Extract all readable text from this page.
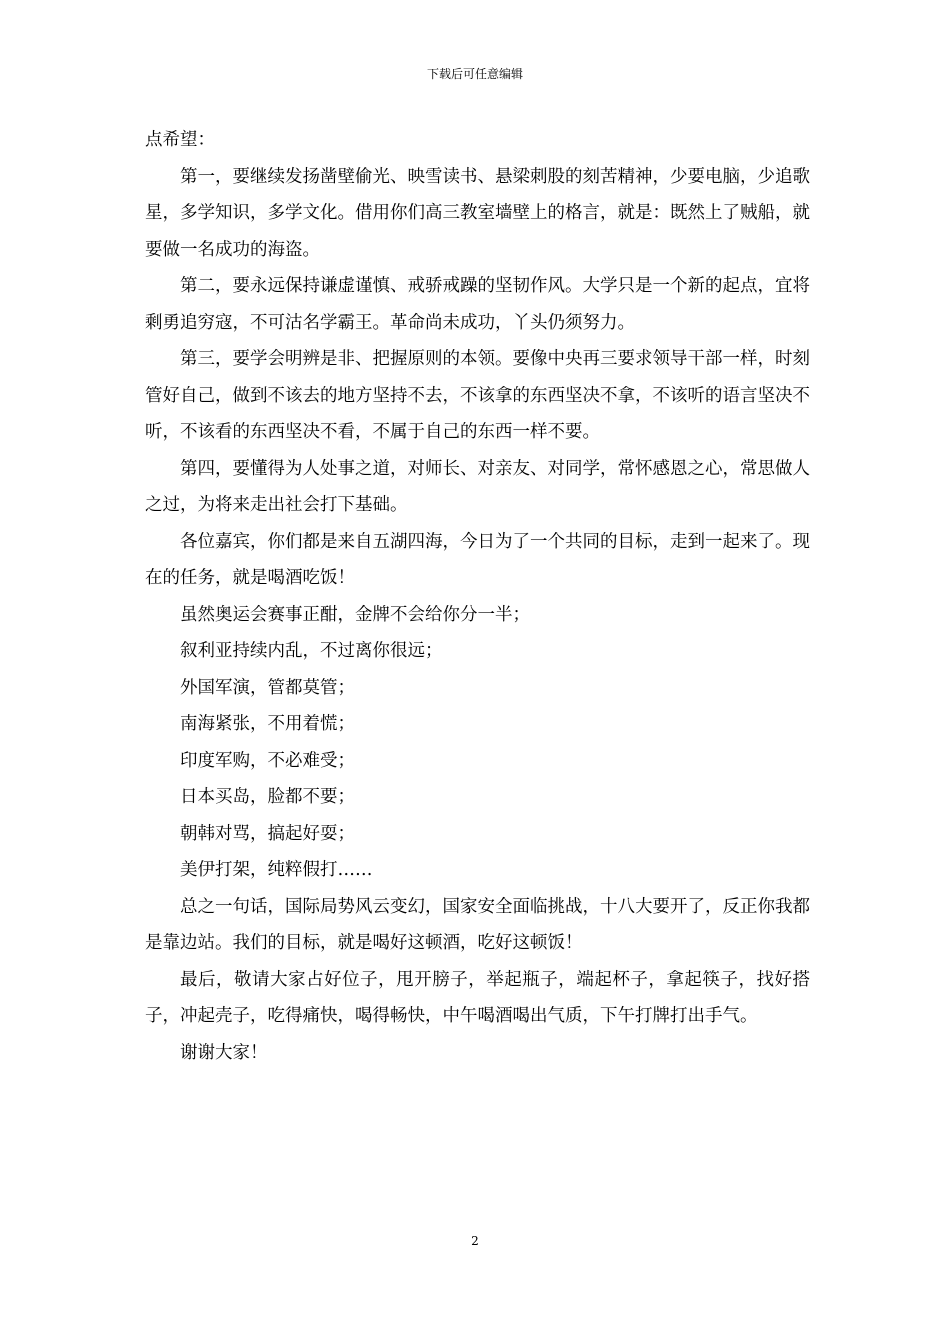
下载后可任意编辑

点希望：

第一，要继续发扬凿壁偷光、映雪读书、悬梁刺股的刻苦精神，少要电脑，少追歌星，多学知识，多学文化。借用你们高三教室墙壁上的格言，就是：既然上了贼船，就要做一名成功的海盗。

第二，要永远保持谦虚谨慎、戒骄戒躁的坚韧作风。大学只是一个新的起点，宜将剩勇追穷寇，不可沽名学霸王。革命尚未成功，丫头仍须努力。

第三，要学会明辨是非、把握原则的本领。要像中央再三要求领导干部一样，时刻管好自己，做到不该去的地方坚持不去，不该拿的东西坚决不拿，不该听的语言坚决不听，不该看的东西坚决不看，不属于自己的东西一样不要。

第四，要懂得为人处事之道，对师长、对亲友、对同学，常怀感恩之心，常思做人之过，为将来走出社会打下基础。

各位嘉宾，你们都是来自五湖四海，今日为了一个共同的目标，走到一起来了。现在的任务，就是喝酒吃饭！

虽然奥运会赛事正酣，金牌不会给你分一半；

叙利亚持续内乱，不过离你很远；

外国军演，管都莫管；

南海紧张，不用着慌；

印度军购，不必难受；

日本买岛，脸都不要；

朝韩对骂，搞起好耍；

美伊打架，纯粹假打……

总之一句话，国际局势风云变幻，国家安全面临挑战，十八大要开了，反正你我都是靠边站。我们的目标，就是喝好这顿酒，吃好这顿饭！

最后，敬请大家占好位子，甩开膀子，举起瓶子，端起杯子，拿起筷子，找好搭子，冲起壳子，吃得痛快，喝得畅快，中午喝酒喝出气质，下午打牌打出手气。

谢谢大家！

2
